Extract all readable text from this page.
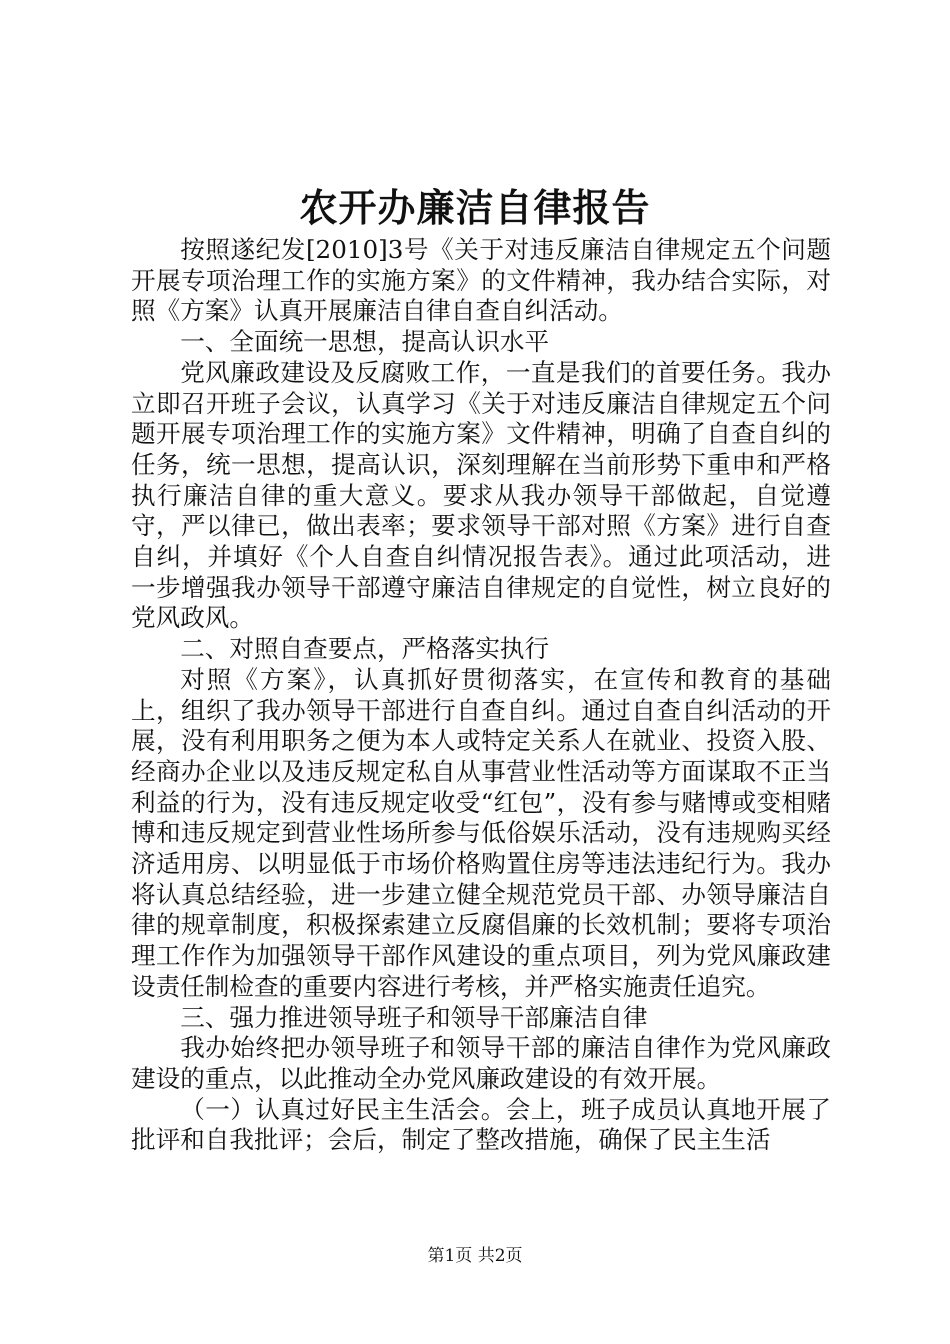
农开办廉洁自律报告

按照遂纪发[2010]3号《关于对违反廉洁自律规定五个问题开展专项治理工作的实施方案》的文件精神，我办结合实际，对照《方案》认真开展廉洁自律自查自纠活动。

一、全面统一思想，提高认识水平

党风廉政建设及反腐败工作，一直是我们的首要任务。我办立即召开班子会议，认真学习《关于对违反廉洁自律规定五个问题开展专项治理工作的实施方案》文件精神，明确了自查自纠的任务，统一思想，提高认识，深刻理解在当前形势下重申和严格执行廉洁自律的重大意义。要求从我办领导干部做起，自觉遵守，严以律已，做出表率；要求领导干部对照《方案》进行自查自纠，并填好《个人自查自纠情况报告表》。通过此项活动，进一步增强我办领导干部遵守廉洁自律规定的自觉性，树立良好的党风政风。

二、对照自查要点，严格落实执行

对照《方案》，认真抓好贯彻落实，在宣传和教育的基础上，组织了我办领导干部进行自查自纠。通过自查自纠活动的开展，没有利用职务之便为本人或特定关系人在就业、投资入股、经商办企业以及违反规定私自从事营业性活动等方面谋取不正当利益的行为，没有违反规定收受“红包”，没有参与赌博或变相赌博和违反规定到营业性场所参与低俗娱乐活动，没有违规购买经济适用房、以明显低于市场价格购置住房等违法违纪行为。我办将认真总结经验，进一步建立健全规范党员干部、办领导廉洁自律的规章制度，积极探索建立反腐倡廉的长效机制；要将专项治理工作作为加强领导干部作风建设的重点项目，列为党风廉政建设责任制检查的重要内容进行考核，并严格实施责任追究。

三、强力推进领导班子和领导干部廉洁自律

我办始终把办领导班子和领导干部的廉洁自律作为党风廉政建设的重点，以此推动全办党风廉政建设的有效开展。

（一）认真过好民主生活会。会上，班子成员认真地开展了批评和自我批评；会后，制定了整改措施，确保了民主生活

第1页 共2页
